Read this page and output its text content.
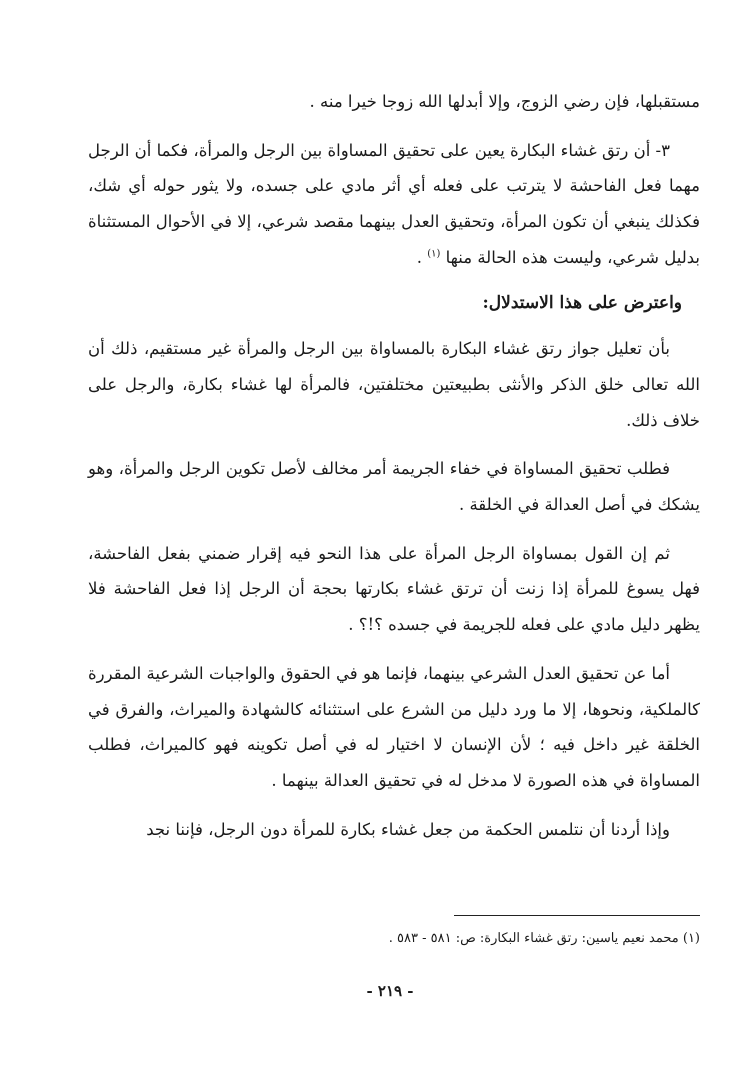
مستقبلها، فإن رضي الزوج، وإلا أبدلها الله زوجا خيرا منه .

٣- أن رتق غشاء البكارة يعين على تحقيق المساواة بين الرجل والمرأة، فكما أن الرجل مهما فعل الفاحشة لا يترتب على فعله أي أثر مادي على جسده، ولا يثور حوله أي شك، فكذلك ينبغي أن تكون المرأة، وتحقيق العدل بينهما مقصد شرعي، إلا في الأحوال المستثناة بدليل شرعي، وليست هذه الحالة منها $^{(١)}$ .

واعترض على هذا الاستدلال:

بأن تعليل جواز رتق غشاء البكارة بالمساواة بين الرجل والمرأة غير مستقيم، ذلك أن الله تعالى خلق الذكر والأنثى بطبيعتين مختلفتين، فالمرأة لها غشاء بكارة، والرجل على خلاف ذلك.

فطلب تحقيق المساواة في خفاء الجريمة أمر مخالف لأصل تكوين الرجل والمرأة، وهو يشكك في أصل العدالة في الخلقة .

ثم إن القول بمساواة الرجل المرأة على هذا النحو فيه إقرار ضمني بفعل الفاحشة، فهل يسوغ للمرأة إذا زنت أن ترتق غشاء بكارتها بحجة أن الرجل إذا فعل الفاحشة فلا يظهر دليل مادي على فعله للجريمة في جسده ؟!؟ .

أما عن تحقيق العدل الشرعي بينهما، فإنما هو في الحقوق والواجبات الشرعية المقررة كالملكية، ونحوها، إلا ما ورد دليل من الشرع على استثنائه كالشهادة والميراث، والفرق في الخلقة غير داخل فيه ؛ لأن الإنسان لا اختيار له في أصل تكوينه فهو كالميراث، فطلب المساواة في هذه الصورة لا مدخل له في تحقيق العدالة بينهما .

وإذا أردنا أن نتلمس الحكمة من جعل غشاء بكارة للمرأة دون الرجل، فإننا نجد

(١) محمد نعيم ياسين: رتق غشاء البكارة: ص: ٥٨١ - ٥٨٣ .
- ٢١٩ -
